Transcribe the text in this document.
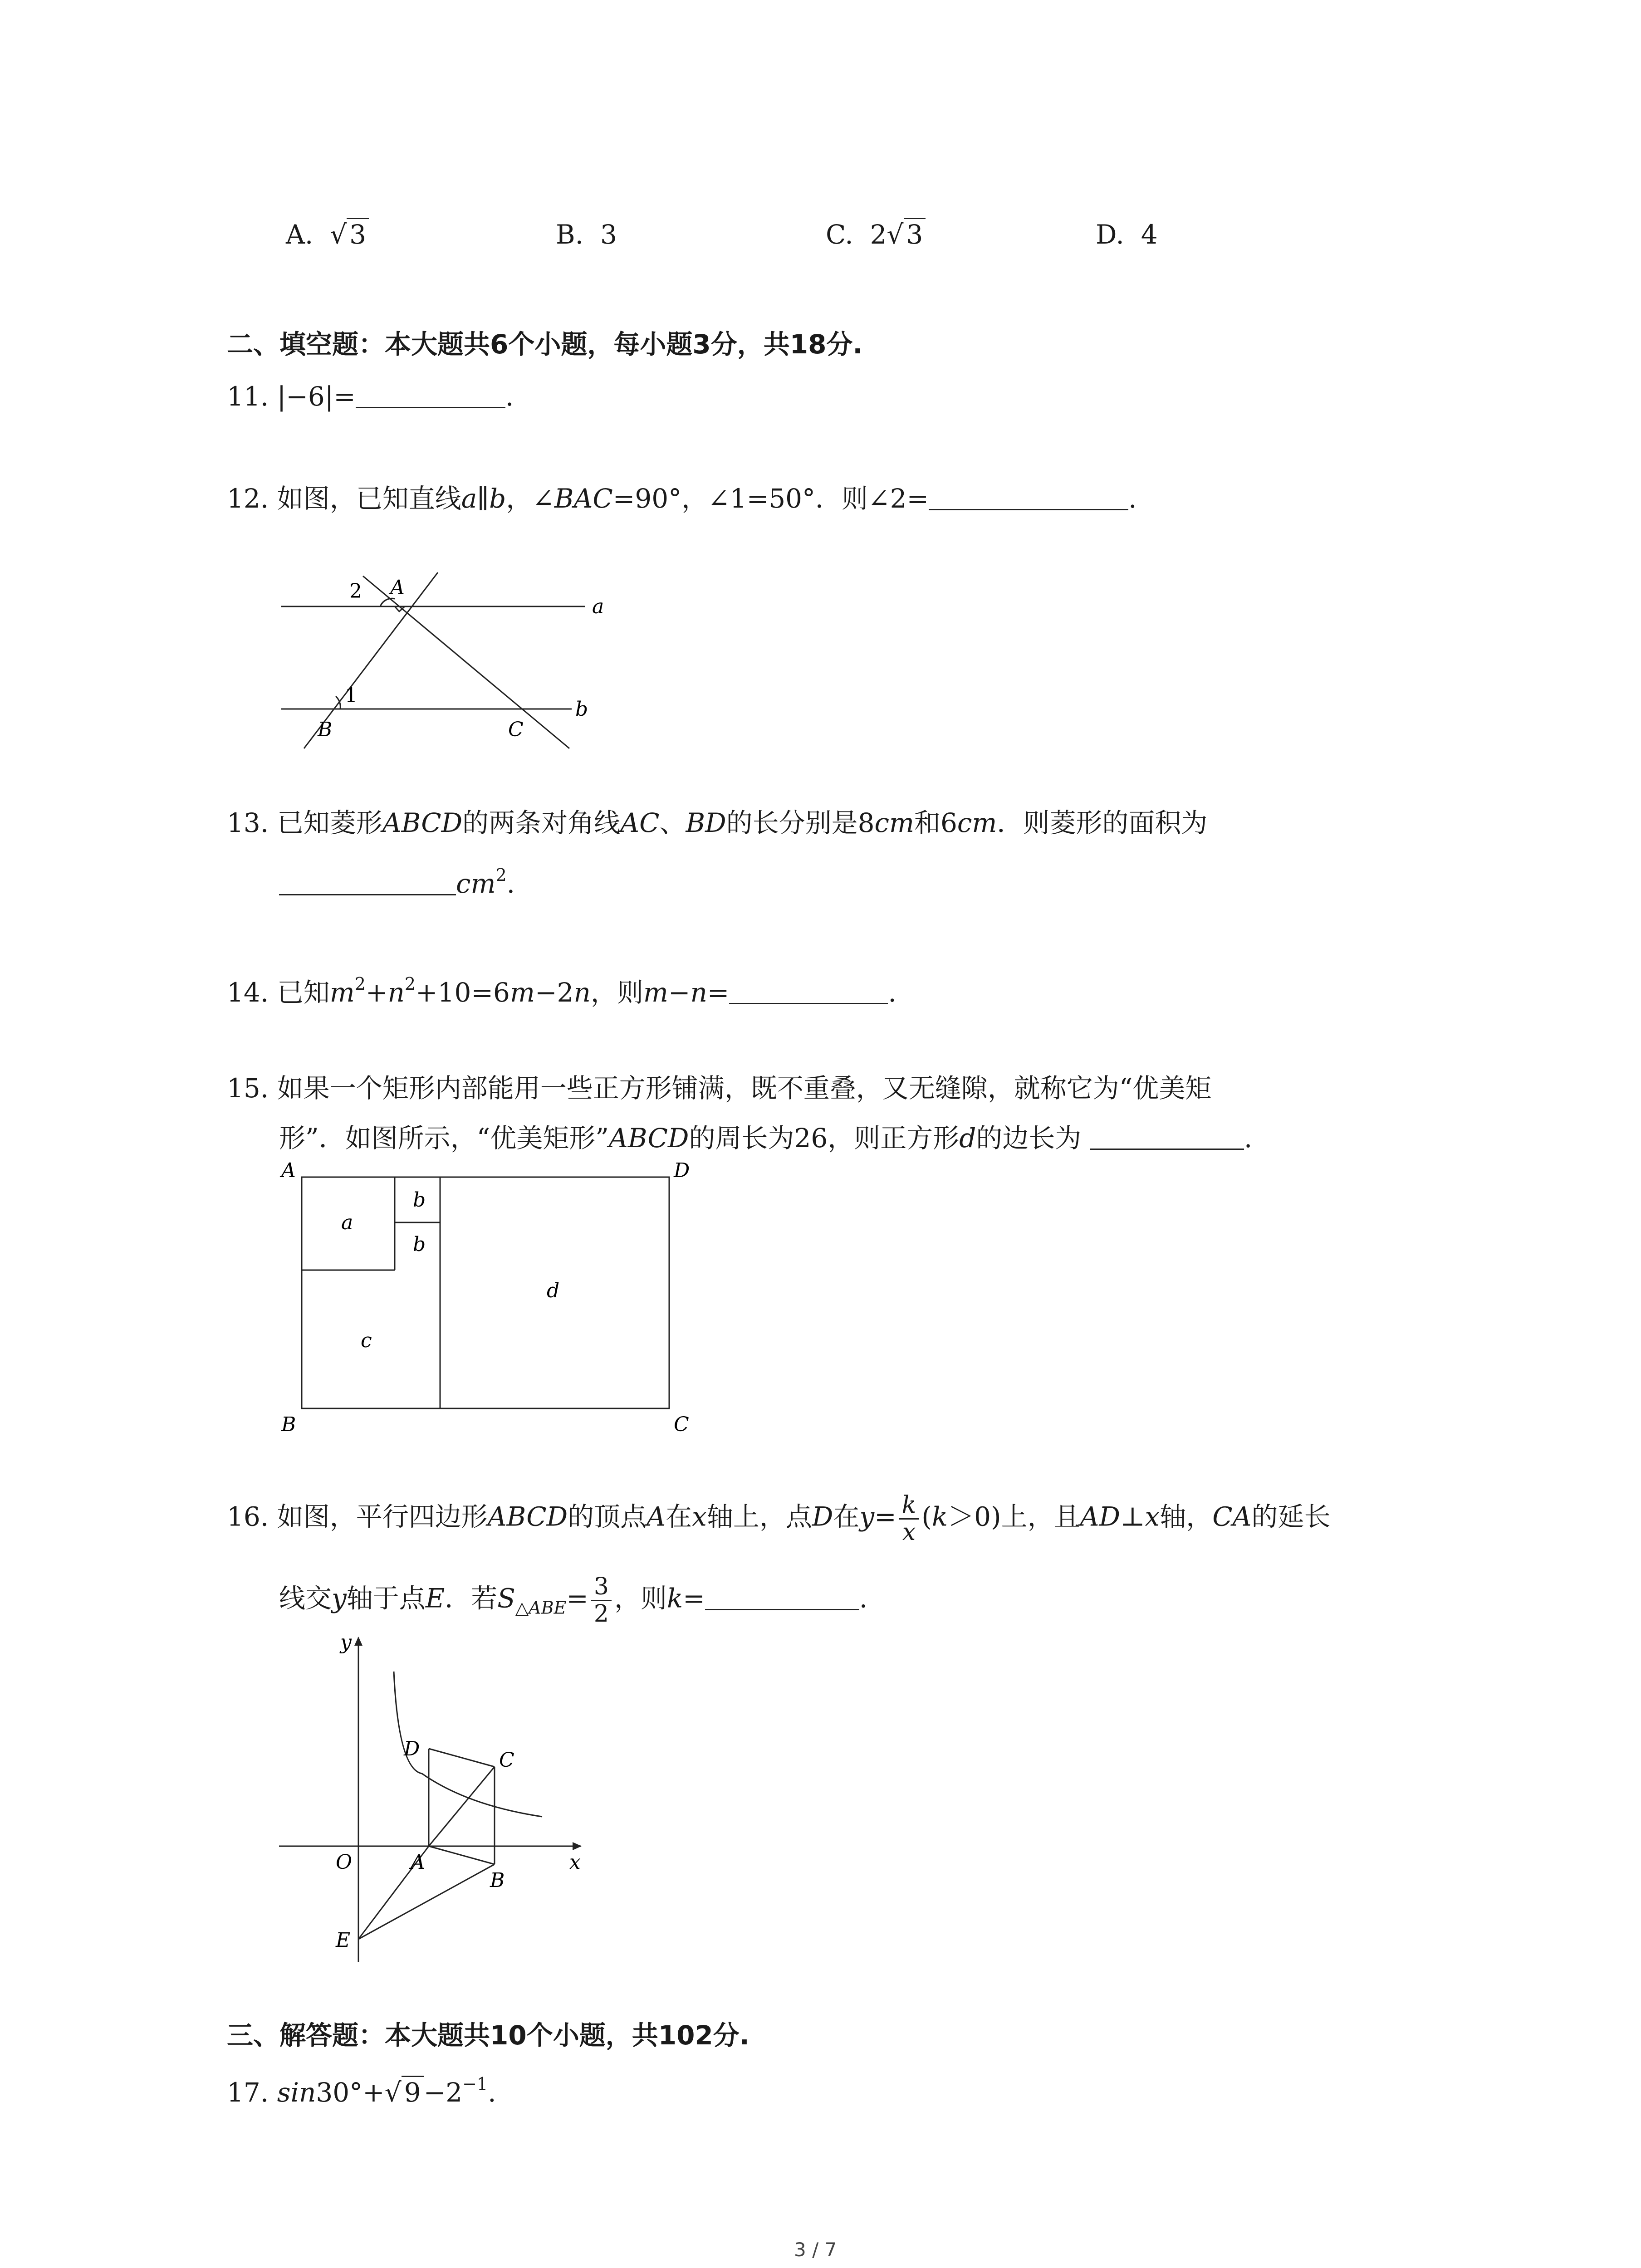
A. √ 3	B. 3	C. 2√ 3	D. 4
二、填空题：本大题共6个小题，每小题3分，共18分.
11. |−6|=	.
12. 如图，已知直线a∥b，∠BAC=90°，∠1=50°．则∠2=	.
2 A
a
1
B	C
b
13. 已知菱形ABCD的两条对角线AC、BD的长分别是8cm和6cm．则菱形的面积为
$cm^2$.
14. 已知$m^2+n^2+10=6m-2n$，则m−n=	.
15. 如果一个矩形内部能用一些正方形铺满，既不重叠，又无缝隙，就称它为“优美矩
形”．如图所示，“优美矩形”ABCD的周长为26，则正方形d的边长为	.
A	D
B	C
a
b
b
c
d
16. 如图，平行四边形ABCD的顶点A在x轴上，点D在$y= \frac{k}{x} (k>0)$上，且AD⊥x轴，CA的延长
线交y轴于点E．若$S_{\triangle ABE}= \frac{3}{2}$ ，则k=	.
y
x
O	A
B
C
D
E
三、解答题：本大题共10个小题，共102分.
17. sin30°+√ $9 -2^{-1}$.
3 / 7
